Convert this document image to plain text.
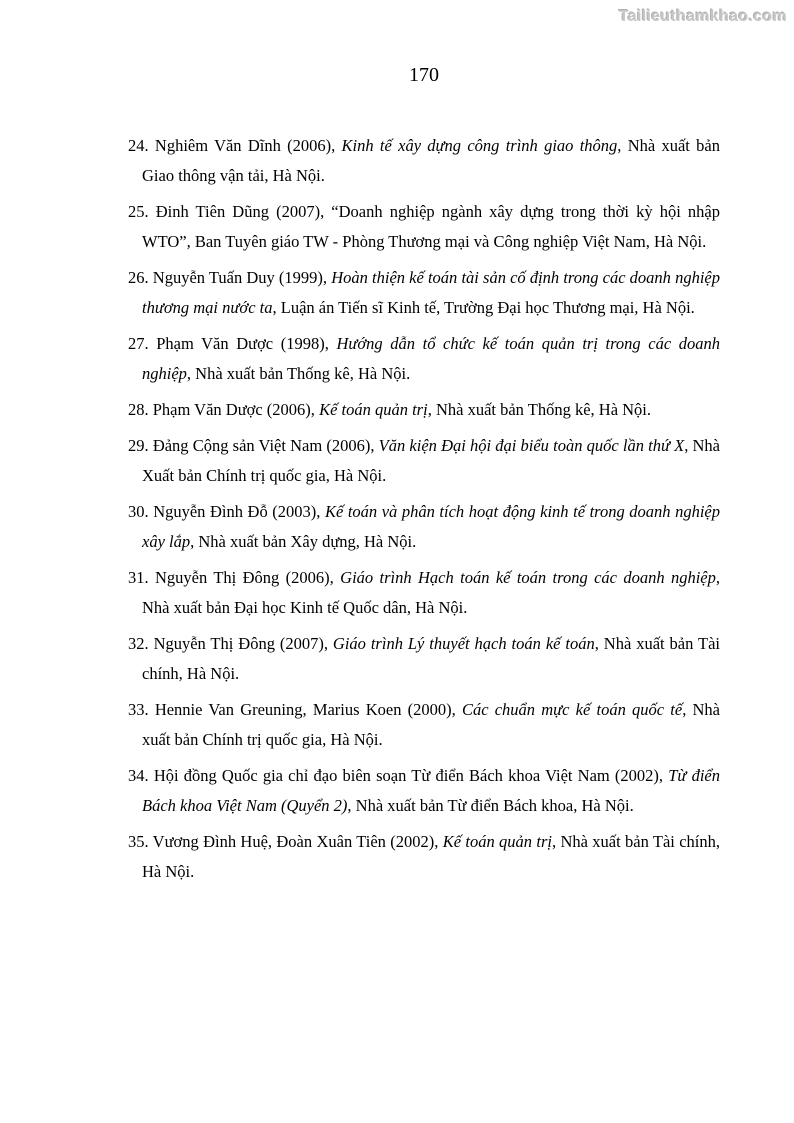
Tailieuthamkhao.com
170

24. Nghiêm Văn Dĩnh (2006), Kinh tế xây dựng công trình giao thông, Nhà xuất bản Giao thông vận tải, Hà Nội.

25. Đinh Tiên Dũng (2007), “Doanh nghiệp ngành xây dựng trong thời kỳ hội nhập WTO”, Ban Tuyên giáo TW - Phòng Thương mại và Công nghiệp Việt Nam, Hà Nội.

26. Nguyễn Tuấn Duy (1999), Hoàn thiện kế toán tài sản cố định trong các doanh nghiệp thương mại nước ta, Luận án Tiến sĩ Kinh tế, Trường Đại học Thương mại, Hà Nội.

27. Phạm Văn Dược (1998), Hướng dẫn tổ chức kế toán quản trị trong các doanh nghiệp, Nhà xuất bản Thống kê, Hà Nội.

28. Phạm Văn Dược (2006), Kế toán quản trị, Nhà xuất bản Thống kê, Hà Nội.

29. Đảng Cộng sản Việt Nam (2006), Văn kiện Đại hội đại biểu toàn quốc lần thứ X, Nhà Xuất bản Chính trị quốc gia, Hà Nội.

30. Nguyễn Đình Đỗ (2003), Kế toán và phân tích hoạt động kinh tế trong doanh nghiệp xây lắp, Nhà xuất bản Xây dựng, Hà Nội.

31. Nguyễn Thị Đông (2006), Giáo trình Hạch toán kế toán trong các doanh nghiệp, Nhà xuất bản Đại học Kinh tế Quốc dân, Hà Nội.

32. Nguyễn Thị Đông (2007), Giáo trình Lý thuyết hạch toán kế toán, Nhà xuất bản Tài chính, Hà Nội.

33. Hennie Van Greuning, Marius Koen (2000), Các chuẩn mực kế toán quốc tế, Nhà xuất bản Chính trị quốc gia, Hà Nội.

34. Hội đồng Quốc gia chỉ đạo biên soạn Từ điển Bách khoa Việt Nam (2002), Từ điển Bách khoa Việt Nam (Quyển 2), Nhà xuất bản Từ điển Bách khoa, Hà Nội.

35. Vương Đình Huệ, Đoàn Xuân Tiên (2002), Kế toán quản trị, Nhà xuất bản Tài chính, Hà Nội.
